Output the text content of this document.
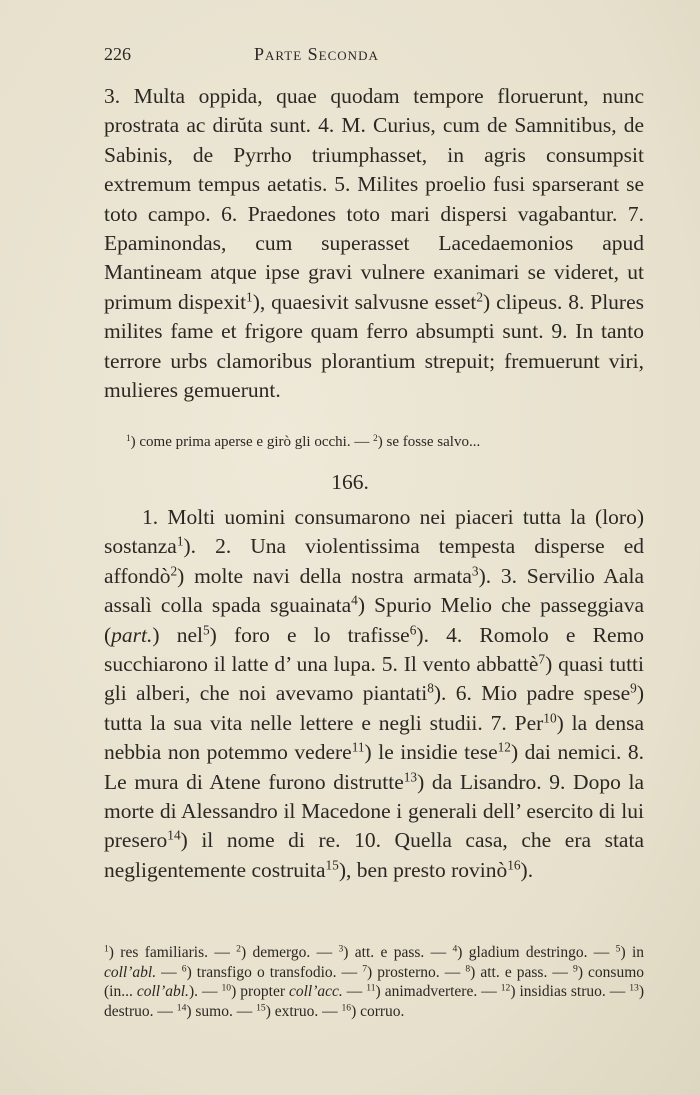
226	Parte Seconda

3. Multa oppida, quae quodam tempore floruerunt, nunc prostrata ac dirŭta sunt. 4. M. Curius, cum de Samnitibus, de Sabinis, de Pyrrho triumphasset, in agris consumpsit extremum tempus aetatis. 5. Milites proelio fusi sparserant se toto campo. 6. Praedones toto mari dispersi vagabantur. 7. Epaminondas, cum superasset Lacedaemonios apud Mantineam atque ipse gravi vulnere exanimari se videret, ut primum dispexit$^1$), quaesivit salvusne esset$^2$) clipeus. 8. Plures milites fame et frigore quam ferro absumpti sunt. 9. In tanto terrore urbs clamoribus plorantium strepuit; fremuerunt viri, mulieres gemuerunt.

$^1$) come prima aperse e girò gli occhi. — $^2$) se fosse salvo...
166.

1. Molti uomini consumarono nei piaceri tutta la (loro) sostanza$^1$). 2. Una violentissima tempesta disperse ed affondò$^2$) molte navi della nostra armata$^3$). 3. Servilio Aala assalì colla spada sguainata$^4$) Spurio Melio che passeggiava (part.) nel$^5$) foro e lo trafisse$^6$). 4. Romolo e Remo succhiarono il latte d’ una lupa. 5. Il vento abbattè$^7$) quasi tutti gli alberi, che noi avevamo piantati$^8$). 6. Mio padre spese$^9$) tutta la sua vita nelle lettere e negli studii. 7. Per$^{10}$) la densa nebbia non potemmo vedere$^{11}$) le insidie tese$^{12}$) dai nemici. 8. Le mura di Atene furono distrutte$^{13}$) da Lisandro. 9. Dopo la morte di Alessandro il Macedone i generali dell’ esercito di lui presero$^{14}$) il nome di re. 10. Quella casa, che era stata negligentemente costruita$^{15}$), ben presto rovinò$^{16}$).

$^1$) res familiaris. — $^2$) demergo. — $^3$) att. e pass. — $^4$) gladium destringo. — $^5$) in coll’abl. — $^6$) transfigo o transfodio. — $^7$) prosterno. — $^8$) att. e pass. — $^9$) consumo (in... coll’abl.). — $^{10}$) propter coll’acc. — $^{11}$) animadvertere. — $^{12}$) insidias struo. — $^{13}$) destruo. — $^{14}$) sumo. — $^{15}$) extruo. — $^{16}$) corruo.
